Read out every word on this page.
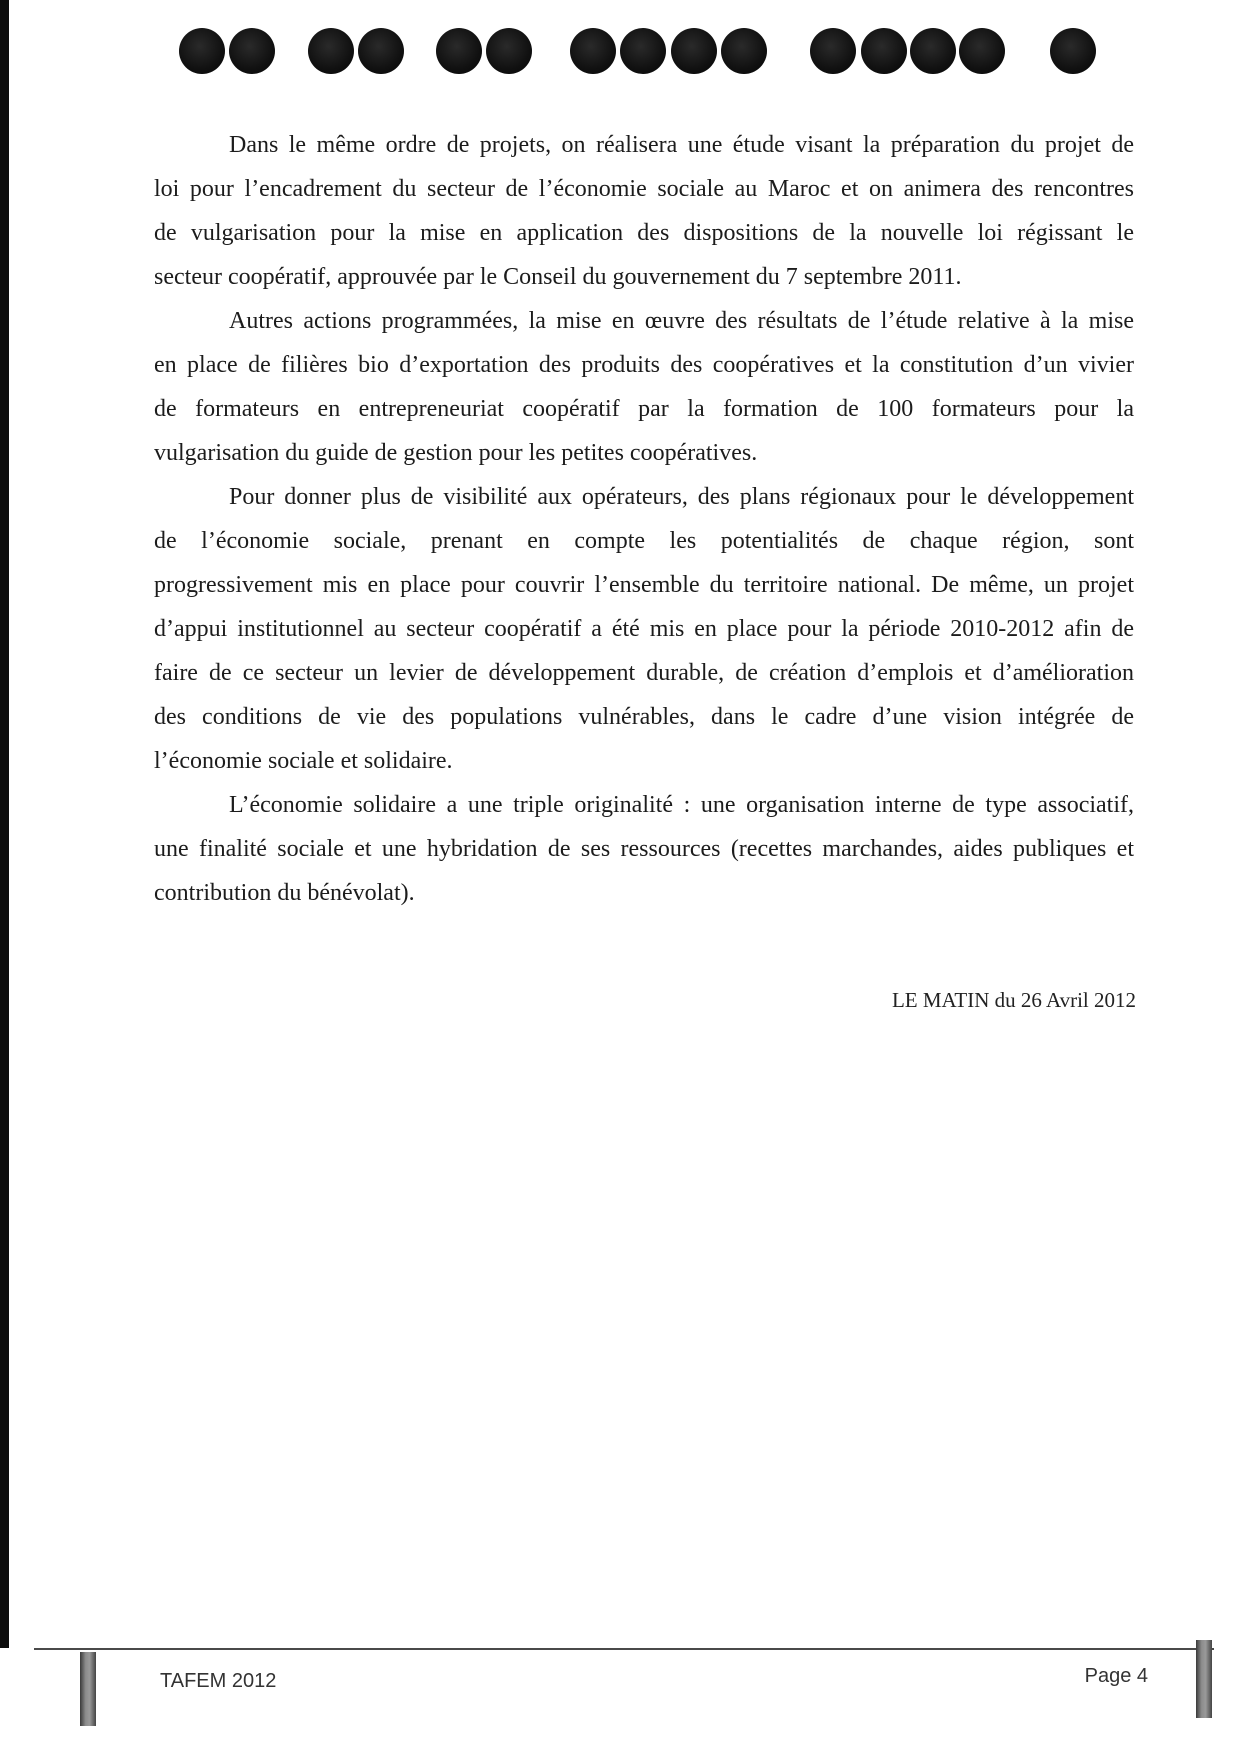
Dans le même ordre de projets, on réalisera une étude visant la préparation du projet de
loi pour l’encadrement du secteur de l’économie sociale au Maroc et on animera des rencontres
de vulgarisation pour la mise en application des dispositions de la nouvelle loi régissant le
secteur coopératif, approuvée par le Conseil du gouvernement du 7 septembre 2011.
Autres actions programmées, la mise en œuvre des résultats de l’étude relative à la mise
en place de filières bio d’exportation des produits des coopératives et la constitution d’un vivier
de formateurs en entrepreneuriat coopératif par la formation de 100 formateurs pour la
vulgarisation du guide de gestion pour les petites coopératives.
Pour donner plus de visibilité aux opérateurs, des plans régionaux pour le développement
de l’économie sociale, prenant en compte les potentialités de chaque région, sont
progressivement mis en place pour couvrir l’ensemble du territoire national. De même, un projet
d’appui institutionnel au secteur coopératif a été mis en place pour la période 2010-2012 afin de
faire de ce secteur un levier de développement durable, de création d’emplois et d’amélioration
des conditions de vie des populations vulnérables, dans le cadre d’une vision intégrée de
l’économie sociale et solidaire.
L’économie solidaire a une triple originalité : une organisation interne de type associatif,
une finalité sociale et une hybridation de ses ressources (recettes marchandes, aides publiques et
contribution du bénévolat).
LE MATIN du 26 Avril 2012
TAFEM 2012	Page 4
